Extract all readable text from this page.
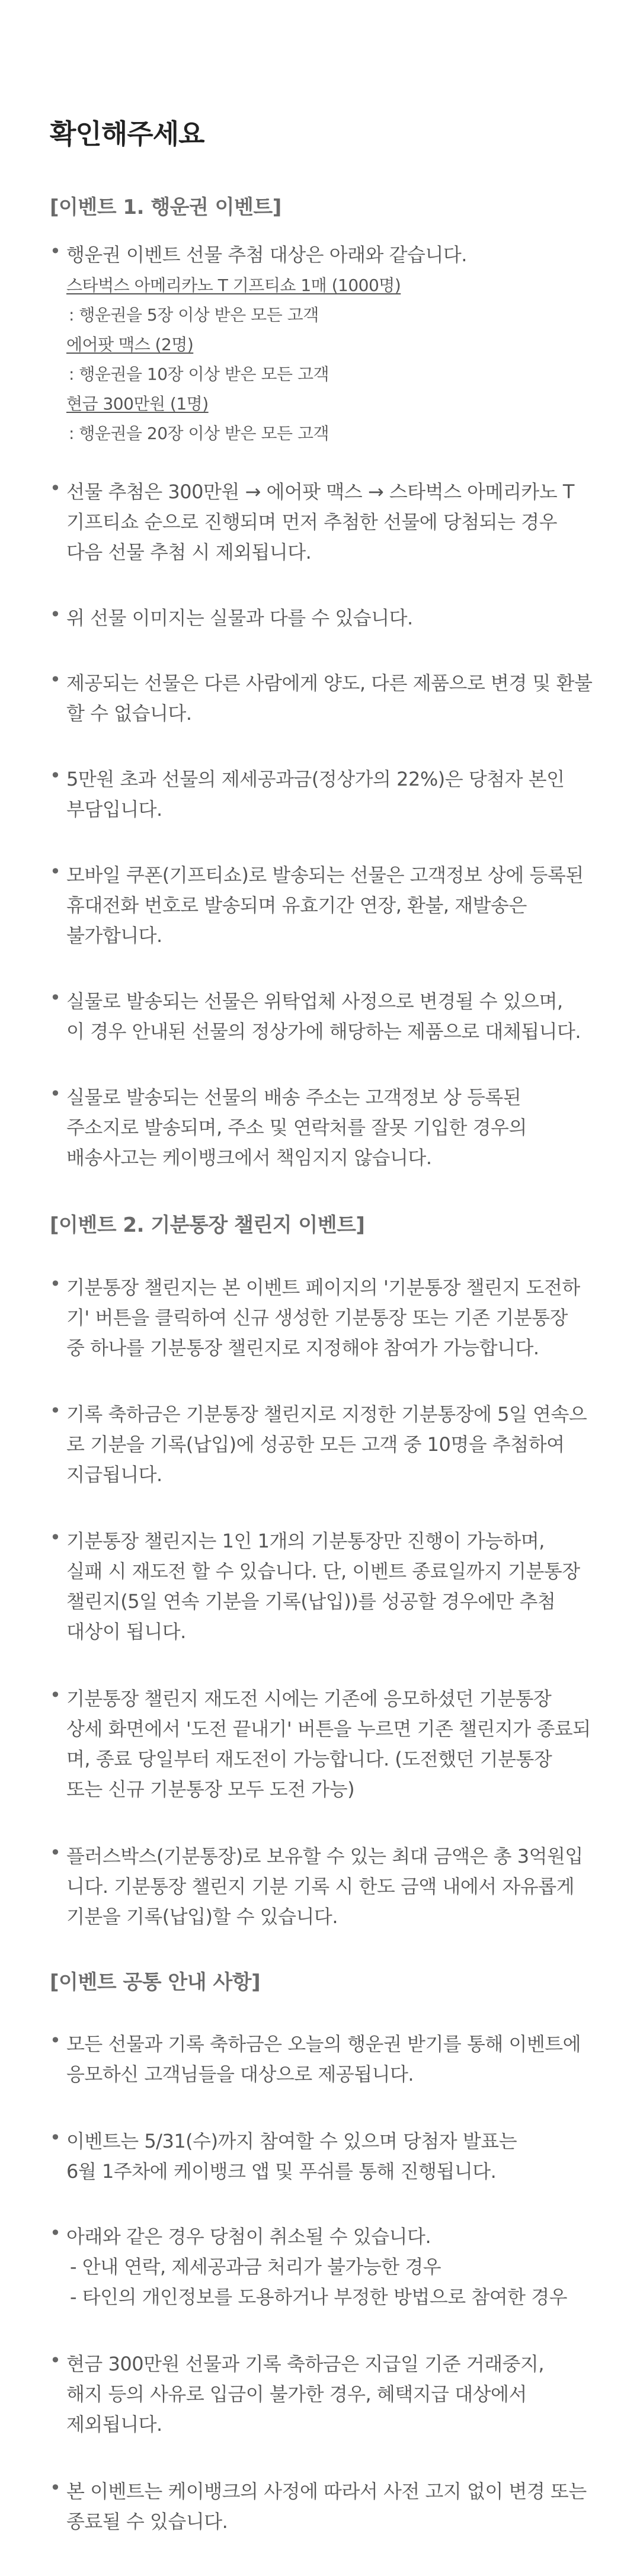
확인해주세요
[이벤트 1. 행운권 이벤트]
• 행운권 이벤트 선물 추첨 대상은 아래와 같습니다.
스타벅스 아메리카노 T 기프티쇼 1매 (1000명)
: 행운권을 5장 이상 받은 모든 고객
에어팟 맥스 (2명)
: 행운권을 10장 이상 받은 모든 고객
현금 300만원 (1명)
: 행운권을 20장 이상 받은 모든 고객
• 선물 추첨은 300만원 → 에어팟 맥스 → 스타벅스 아메리카노 T
기프티쇼 순으로 진행되며 먼저 추첨한 선물에 당첨되는 경우
다음 선물 추첨 시 제외됩니다.
• 위 선물 이미지는 실물과 다를 수 있습니다.
• 제공되는 선물은 다른 사람에게 양도, 다른 제품으로 변경 및 환불
할 수 없습니다.
• 5만원 초과 선물의 제세공과금(정상가의 22%)은 당첨자 본인
부담입니다.
• 모바일 쿠폰(기프티쇼)로 발송되는 선물은 고객정보 상에 등록된
휴대전화 번호로 발송되며 유효기간 연장, 환불, 재발송은
불가합니다.
• 실물로 발송되는 선물은 위탁업체 사정으로 변경될 수 있으며,
이 경우 안내된 선물의 정상가에 해당하는 제품으로 대체됩니다.
• 실물로 발송되는 선물의 배송 주소는 고객정보 상 등록된
주소지로 발송되며, 주소 및 연락처를 잘못 기입한 경우의
배송사고는 케이뱅크에서 책임지지 않습니다.
[이벤트 2. 기분통장 챌린지 이벤트]
• 기분통장 챌린지는 본 이벤트 페이지의 '기분통장 챌린지 도전하
기' 버튼을 클릭하여 신규 생성한 기분통장 또는 기존 기분통장
중 하나를 기분통장 챌린지로 지정해야 참여가 가능합니다.
• 기록 축하금은 기분통장 챌린지로 지정한 기분통장에 5일 연속으
로 기분을 기록(납입)에 성공한 모든 고객 중 10명을 추첨하여
지급됩니다.
• 기분통장 챌린지는 1인 1개의 기분통장만 진행이 가능하며,
실패 시 재도전 할 수 있습니다. 단, 이벤트 종료일까지 기분통장
챌린지(5일 연속 기분을 기록(납입))를 성공할 경우에만 추첨
대상이 됩니다.
• 기분통장 챌린지 재도전 시에는 기존에 응모하셨던 기분통장
상세 화면에서 '도전 끝내기' 버튼을 누르면 기존 챌린지가 종료되
며, 종료 당일부터 재도전이 가능합니다. (도전했던 기분통장
또는 신규 기분통장 모두 도전 가능)
• 플러스박스(기분통장)로 보유할 수 있는 최대 금액은 총 3억원입
니다. 기분통장 챌린지 기분 기록 시 한도 금액 내에서 자유롭게
기분을 기록(납입)할 수 있습니다.
[이벤트 공통 안내 사항]
• 모든 선물과 기록 축하금은 오늘의 행운권 받기를 통해 이벤트에
응모하신 고객님들을 대상으로 제공됩니다.
• 이벤트는 5/31(수)까지 참여할 수 있으며 당첨자 발표는
6월 1주차에 케이뱅크 앱 및 푸쉬를 통해 진행됩니다.
• 아래와 같은 경우 당첨이 취소될 수 있습니다.
- 안내 연락, 제세공과금 처리가 불가능한 경우
- 타인의 개인정보를 도용하거나 부정한 방법으로 참여한 경우
• 현금 300만원 선물과 기록 축하금은 지급일 기준 거래중지,
해지 등의 사유로 입금이 불가한 경우, 혜택지급 대상에서
제외됩니다.
• 본 이벤트는 케이뱅크의 사정에 따라서 사전 고지 없이 변경 또는
종료될 수 있습니다.
